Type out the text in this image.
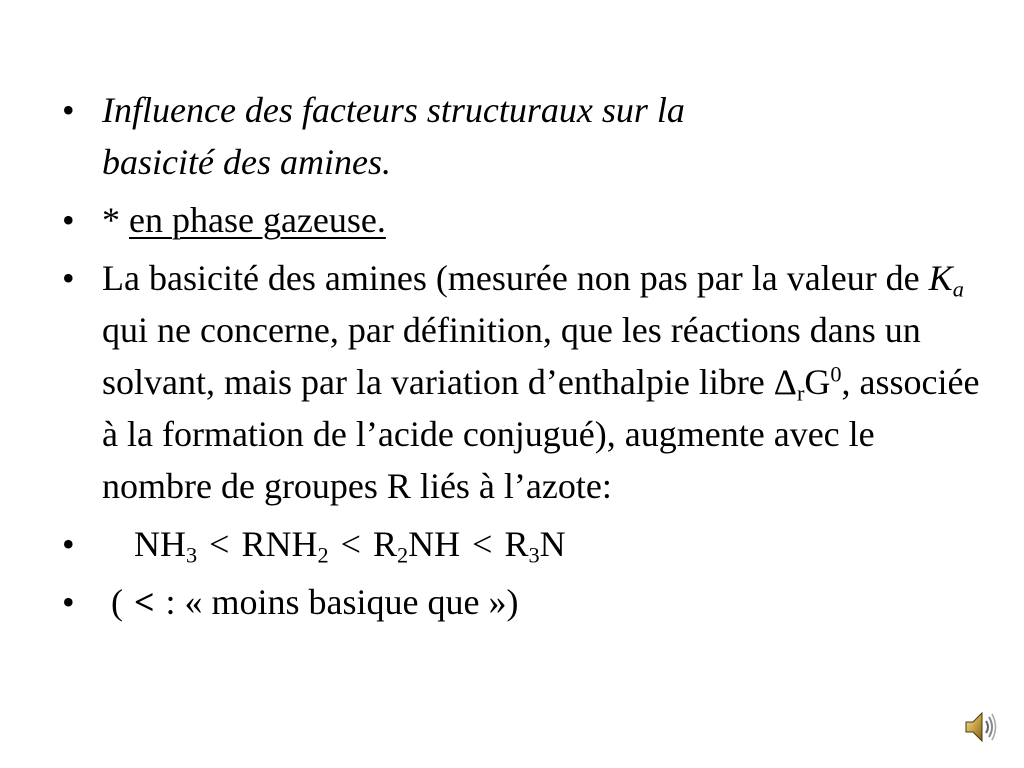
• Influence des facteurs structuraux sur la
basicité des amines.
• * en phase gazeuse.
• La basicité des amines (mesurée non pas par la valeur de $K_a$ qui ne concerne, par définition, que les réactions dans un solvant, mais par la variation d’enthalpie libre $\Delta_rG^0$, associée à la formation de l’acide conjugué), augmente avec le nombre de groupes R liés à l’azote:
•	$NH_3 < RNH_2 < R_2NH < R_3N$
• ( < : « moins basique que »)
